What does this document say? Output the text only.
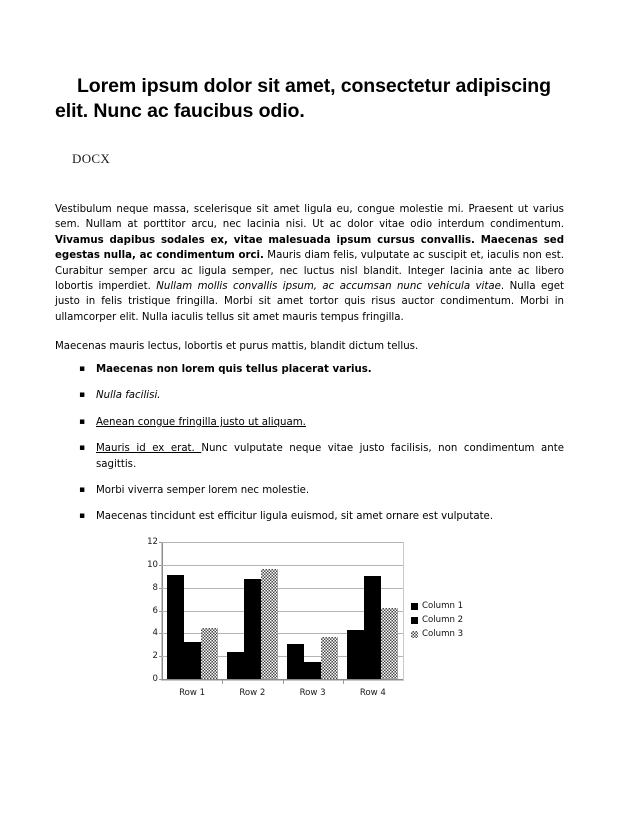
Lorem ipsum dolor sit amet, consectetur adipiscing elit. Nunc ac faucibus odio.
DOCX

Vestibulum neque massa, scelerisque sit amet ligula eu, congue molestie mi. Praesent ut varius sem. Nullam at porttitor arcu, nec lacinia nisi. Ut ac dolor vitae odio interdum condimentum. Vivamus dapibus sodales ex, vitae malesuada ipsum cursus convallis. Maecenas sed egestas nulla, ac condimentum orci. Mauris diam felis, vulputate ac suscipit et, iaculis non est. Curabitur semper arcu ac ligula semper, nec luctus nisl blandit. Integer lacinia ante ac libero lobortis imperdiet. Nullam mollis convallis ipsum, ac accumsan nunc vehicula vitae. Nulla eget justo in felis tristique fringilla. Morbi sit amet tortor quis risus auctor condimentum. Morbi in ullamcorper elit. Nulla iaculis tellus sit amet mauris tempus fringilla.

Maecenas mauris lectus, lobortis et purus mattis, blandit dictum tellus.

▪ Maecenas non lorem quis tellus placerat varius.
▪ Nulla facilisi.
▪ Aenean congue fringilla justo ut aliquam.
▪ Mauris id ex erat. Nunc vulputate neque vitae justo facilisis, non condimentum ante sagittis.
▪ Morbi viverra semper lorem nec molestie.
▪ Maecenas tincidunt est efficitur ligula euismod, sit amet ornare est vulputate.
0
2
4
6
8
10
12
Row 1	Row 2	Row 3	Row 4
Column 1
Column 2
Column 3
